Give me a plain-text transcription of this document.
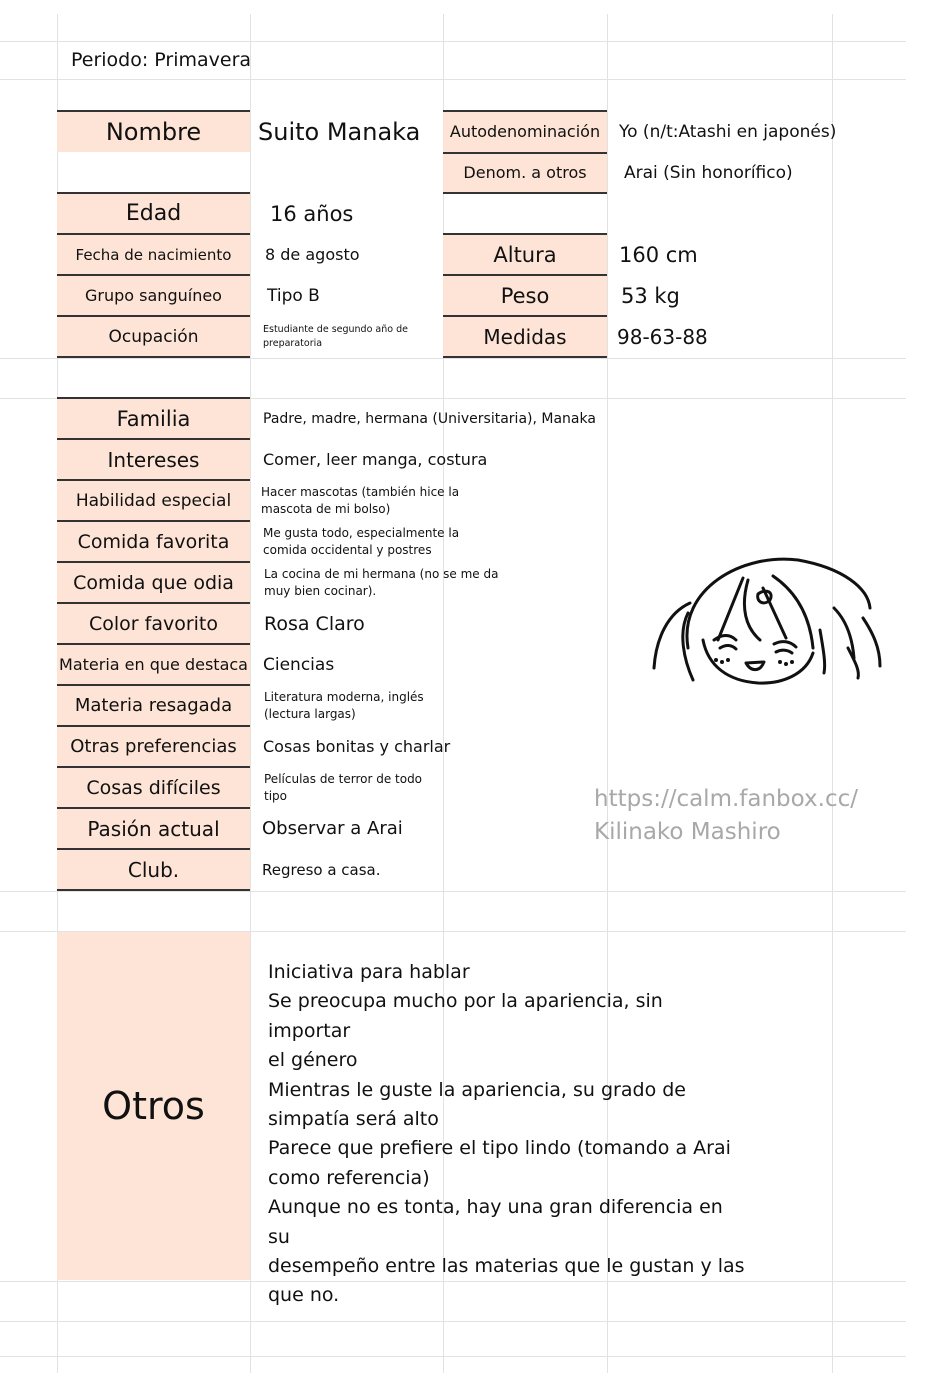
Periodo: Primavera
Nombre	Suito Manaka	Autodenominación	Yo (n/t:Atashi en japonés)
Denom. a otros	Arai (Sin honorífico)
Edad	16 años
Fecha de nacimiento	8 de agosto	Altura	160 cm
Grupo sanguíneo	Tipo B	Peso	53 kg
Ocupación	Estudiante de segundo año de preparatoria	Medidas	98-63-88
Familia	Padre, madre, hermana (Universitaria), Manaka
Intereses	Comer, leer manga, costura
Habilidad especial	Hacer mascotas (también hice la mascota de mi bolso)
Comida favorita	Me gusta todo, especialmente la comida occidental y postres
Comida que odia	La cocina de mi hermana (no se me da muy bien cocinar).
Color favorito	Rosa Claro
Materia en que destaca Ciencias
Materia resagada	Literatura moderna, inglés (lectura largas)
Otras preferencias	Cosas bonitas y charlar
Cosas difíciles	Películas de terror de todo tipo
Pasión actual	Observar a Arai
Club.	Regreso a casa.
https://calm.fanbox.cc/
Kilinako Mashiro
Otros
Iniciativa para hablar
Se preocupa mucho por la apariencia, sin importar
el género
Mientras le guste la apariencia, su grado de
simpatía será alto
Parece que prefiere el tipo lindo (tomando a Arai
como referencia)
Aunque no es tonta, hay una gran diferencia en su
desempeño entre las materias que le gustan y las
que no.
